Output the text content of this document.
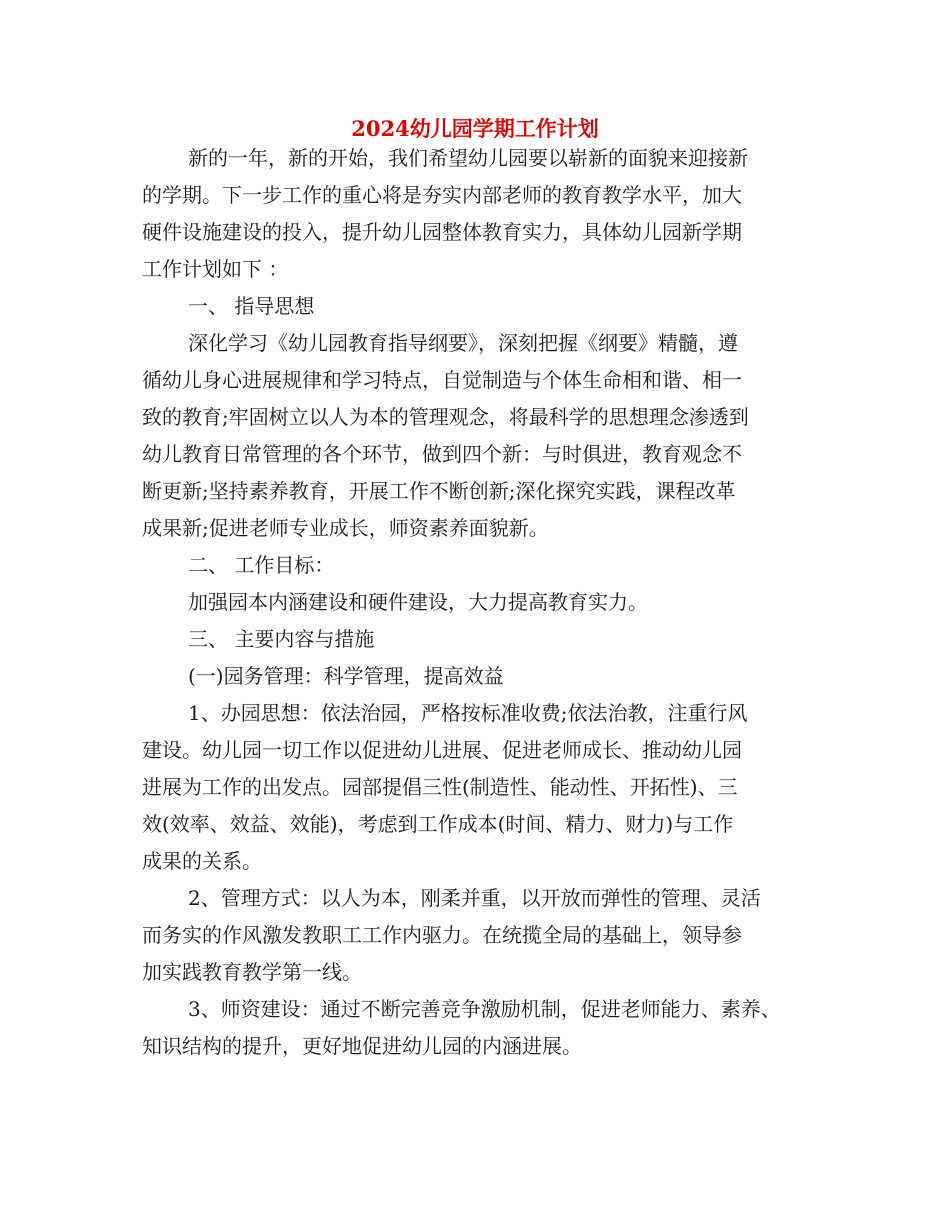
2024幼儿园学期工作计划
新的一年，新的开始，我们希望幼儿园要以崭新的面貌来迎接新
的学期。下一步工作的重心将是夯实内部老师的教育教学水平，加大
硬件设施建设的投入，提升幼儿园整体教育实力，具体幼儿园新学期
工作计划如下 ：
一、 指导思想
深化学习《幼儿园教育指导纲要》，深刻把握《纲要》精髓，遵
循幼儿身心进展规律和学习特点，自觉制造与个体生命相和谐、相一
致的教育;牢固树立以人为本的管理观念，将最科学的思想理念渗透到
幼儿教育日常管理的各个环节，做到四个新：与时俱进，教育观念不
断更新;坚持素养教育，开展工作不断创新;深化探究实践，课程改革
成果新;促进老师专业成长，师资素养面貌新。
二、 工作目标：
加强园本内涵建设和硬件建设，大力提高教育实力。
三、 主要内容与措施
(一)园务管理：科学管理，提高效益
1、办园思想：依法治园，严格按标准收费;依法治教，注重行风
建设。幼儿园一切工作以促进幼儿进展、促进老师成长、推动幼儿园
进展为工作的出发点。园部提倡三性(制造性、能动性、开拓性)、三
效(效率、效益、效能)，考虑到工作成本(时间、精力、财力)与工作
成果的关系。
2、管理方式：以人为本，刚柔并重，以开放而弹性的管理、灵活
而务实的作风激发教职工工作内驱力。在统揽全局的基础上，领导参
加实践教育教学第一线。
3、师资建设：通过不断完善竞争激励机制，促进老师能力、素养、
知识结构的提升，更好地促进幼儿园的内涵进展。
